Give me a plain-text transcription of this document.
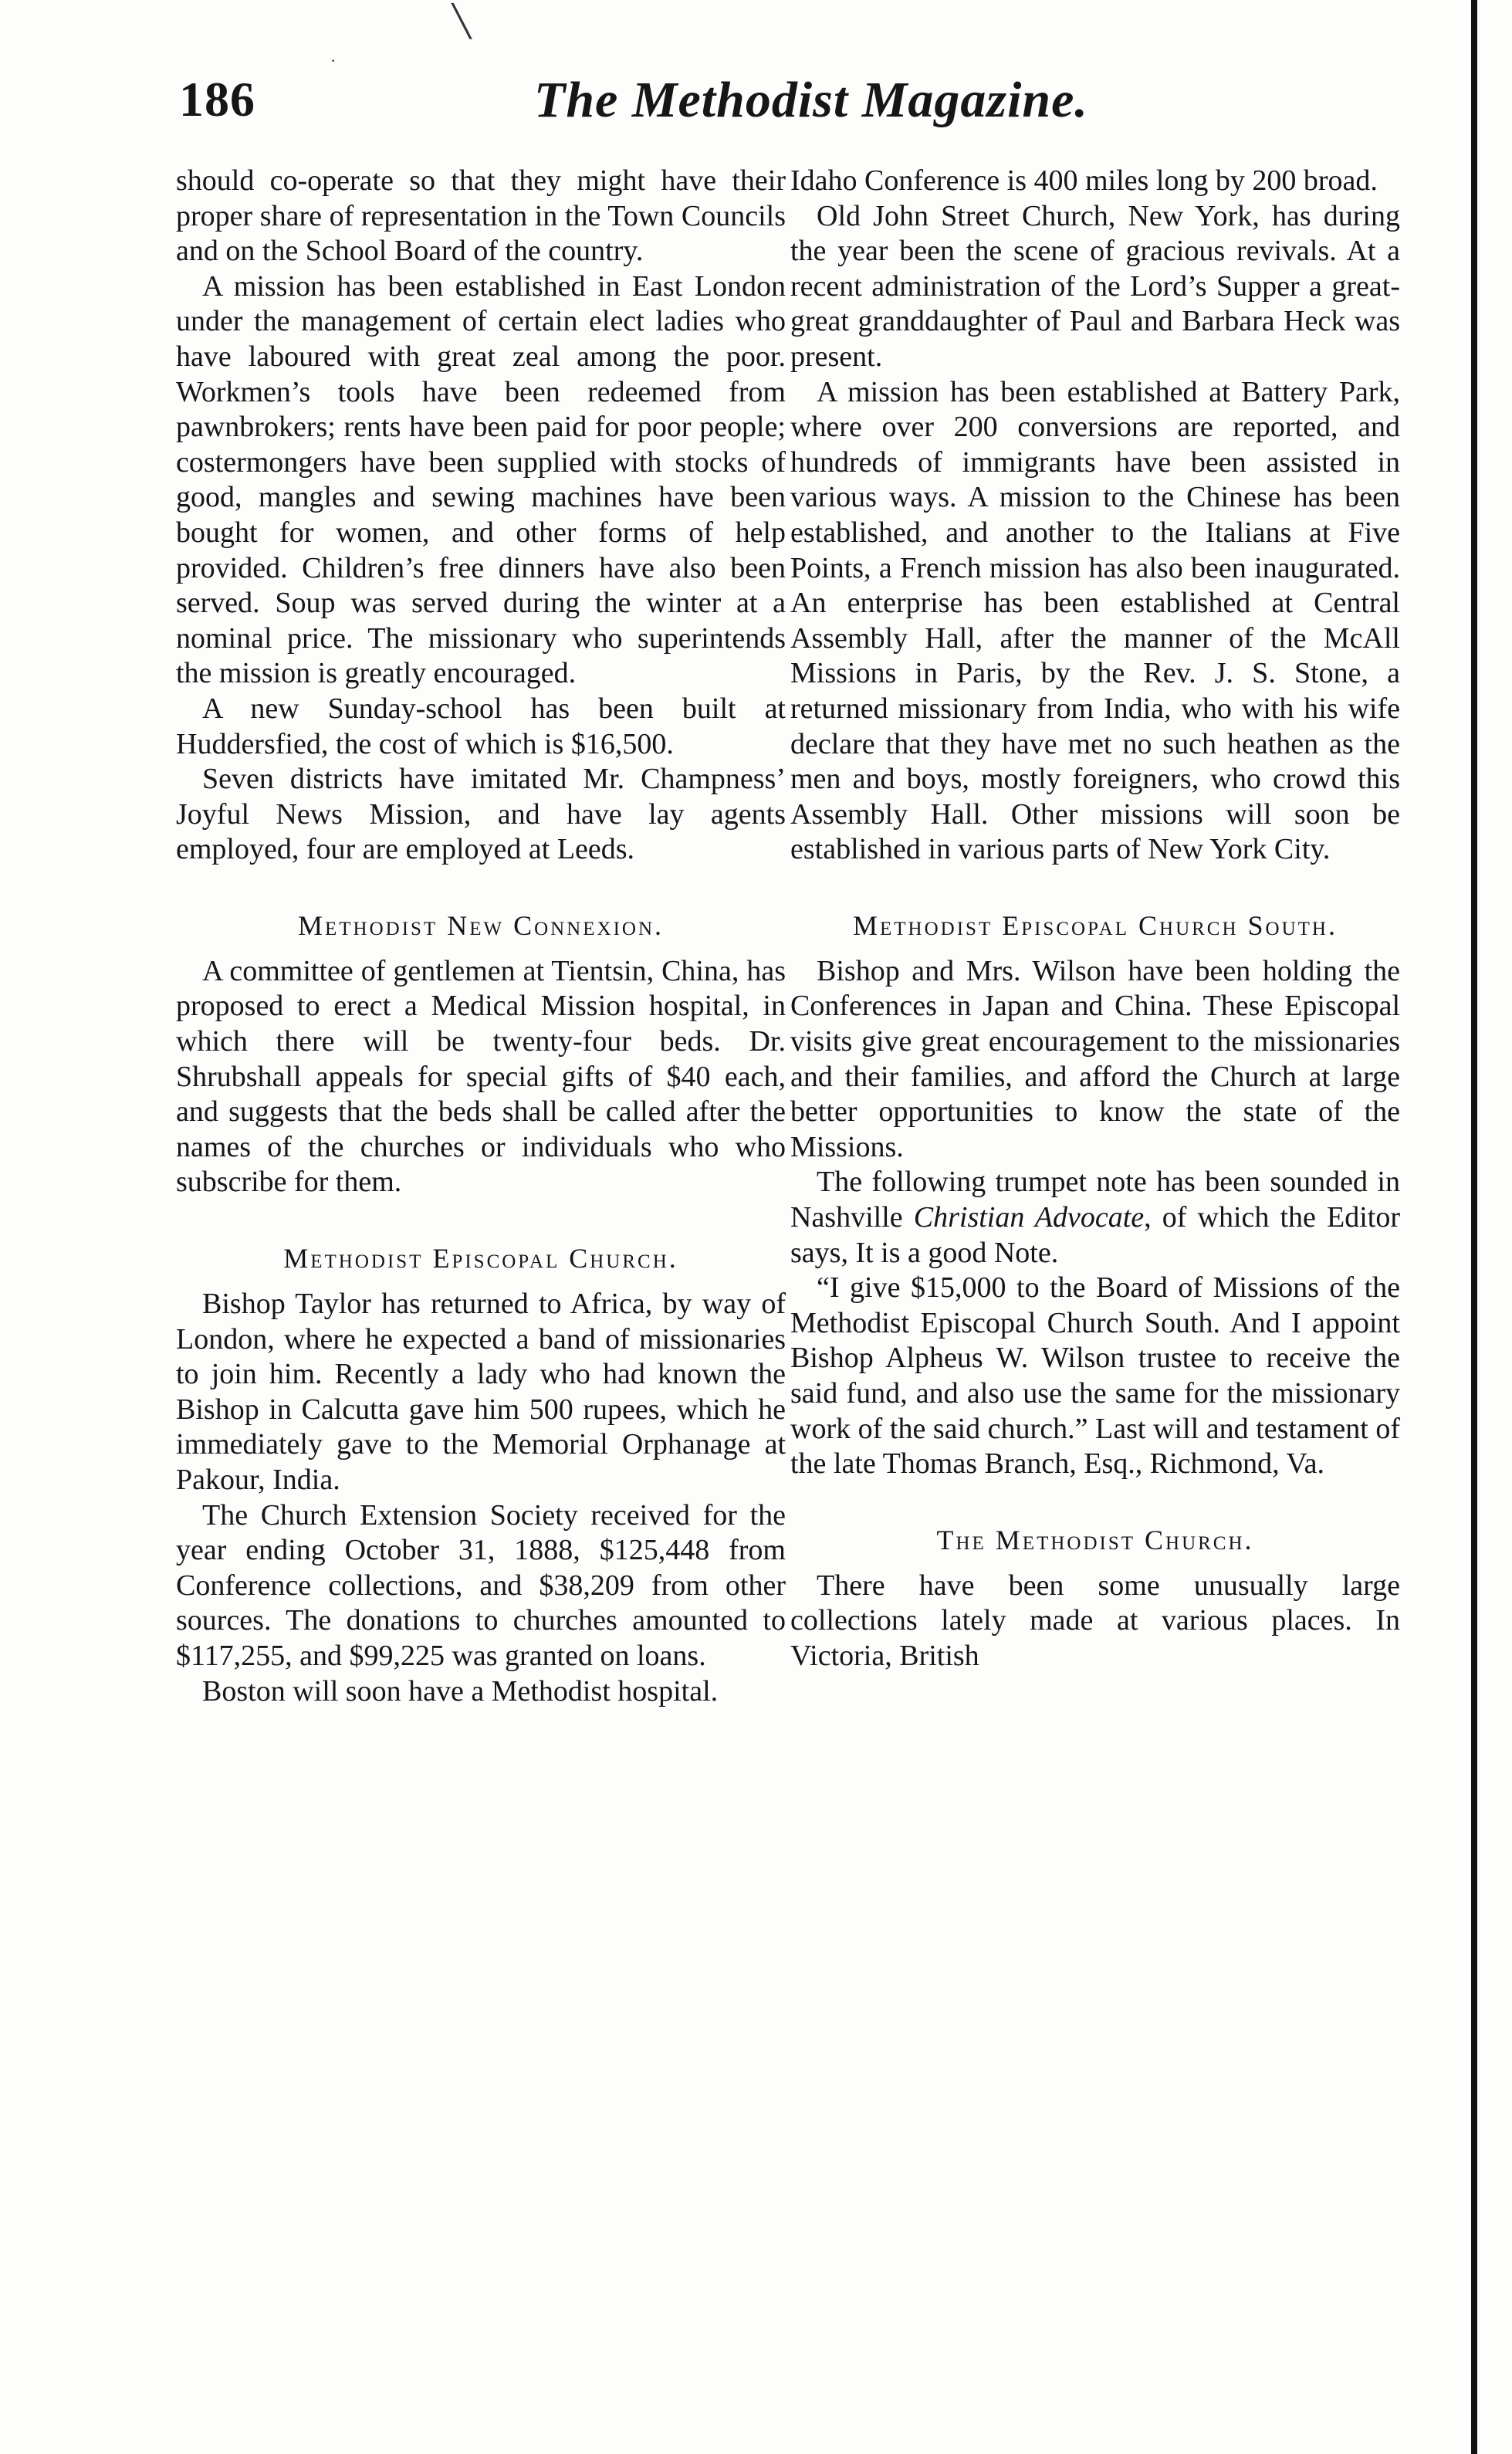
╲
·
186	The Methodist Magazine.

should co-operate so that they might have their proper share of representation in the Town Councils and on the School Board of the country.

A mission has been established in East London under the management of certain elect ladies who have laboured with great zeal among the poor. Workmen’s tools have been redeemed from pawnbrokers; rents have been paid for poor people; costermongers have been supplied with stocks of good, mangles and sewing machines have been bought for women, and other forms of help provided. Children’s free dinners have also been served. Soup was served during the winter at a nominal price. The missionary who superintends the mission is greatly encouraged.

A new Sunday-school has been built at Huddersfied, the cost of which is $16,500.

Seven districts have imitated Mr. Champness’ Joyful News Mission, and have lay agents employed, four are employed at Leeds.

Methodist New Connexion.

A committee of gentlemen at Tientsin, China, has proposed to erect a Medical Mission hospital, in which there will be twenty-four beds. Dr. Shrubshall appeals for special gifts of $40 each, and suggests that the beds shall be called after the names of the churches or individuals who who subscribe for them.

Methodist Episcopal Church.

Bishop Taylor has returned to Africa, by way of London, where he expected a band of missionaries to join him. Recently a lady who had known the Bishop in Calcutta gave him 500 rupees, which he immediately gave to the Memorial Orphanage at Pakour, India.

The Church Extension Society received for the year ending October 31, 1888, $125,448 from Conference collections, and $38,209 from other sources. The donations to churches amounted to $117,255, and $99,225 was granted on loans.

Boston will soon have a Methodist hospital.

Idaho Conference is 400 miles long by 200 broad.

Old John Street Church, New York, has during the year been the scene of gracious revivals. At a recent administration of the Lord’s Supper a great-great granddaughter of Paul and Barbara Heck was present.

A mission has been established at Battery Park, where over 200 conversions are reported, and hundreds of immigrants have been assisted in various ways. A mission to the Chinese has been established, and another to the Italians at Five Points, a French mission has also been inaugurated. An enterprise has been established at Central Assembly Hall, after the manner of the McAll Missions in Paris, by the Rev. J. S. Stone, a returned missionary from India, who with his wife declare that they have met no such heathen as the men and boys, mostly foreigners, who crowd this Assembly Hall. Other missions will soon be established in various parts of New York City.

Methodist Episcopal Church South.

Bishop and Mrs. Wilson have been holding the Conferences in Japan and China. These Episcopal visits give great encouragement to the missionaries and their families, and afford the Church at large better opportunities to know the state of the Missions.

The following trumpet note has been sounded in Nashville Christian Advocate, of which the Editor says, It is a good Note.

“I give $15,000 to the Board of Missions of the Methodist Episcopal Church South. And I appoint Bishop Alpheus W. Wilson trustee to receive the said fund, and also use the same for the missionary work of the said church.” Last will and testament of the late Thomas Branch, Esq., Richmond, Va.

The Methodist Church.

There have been some unusually large collections lately made at various places. In Victoria, British
